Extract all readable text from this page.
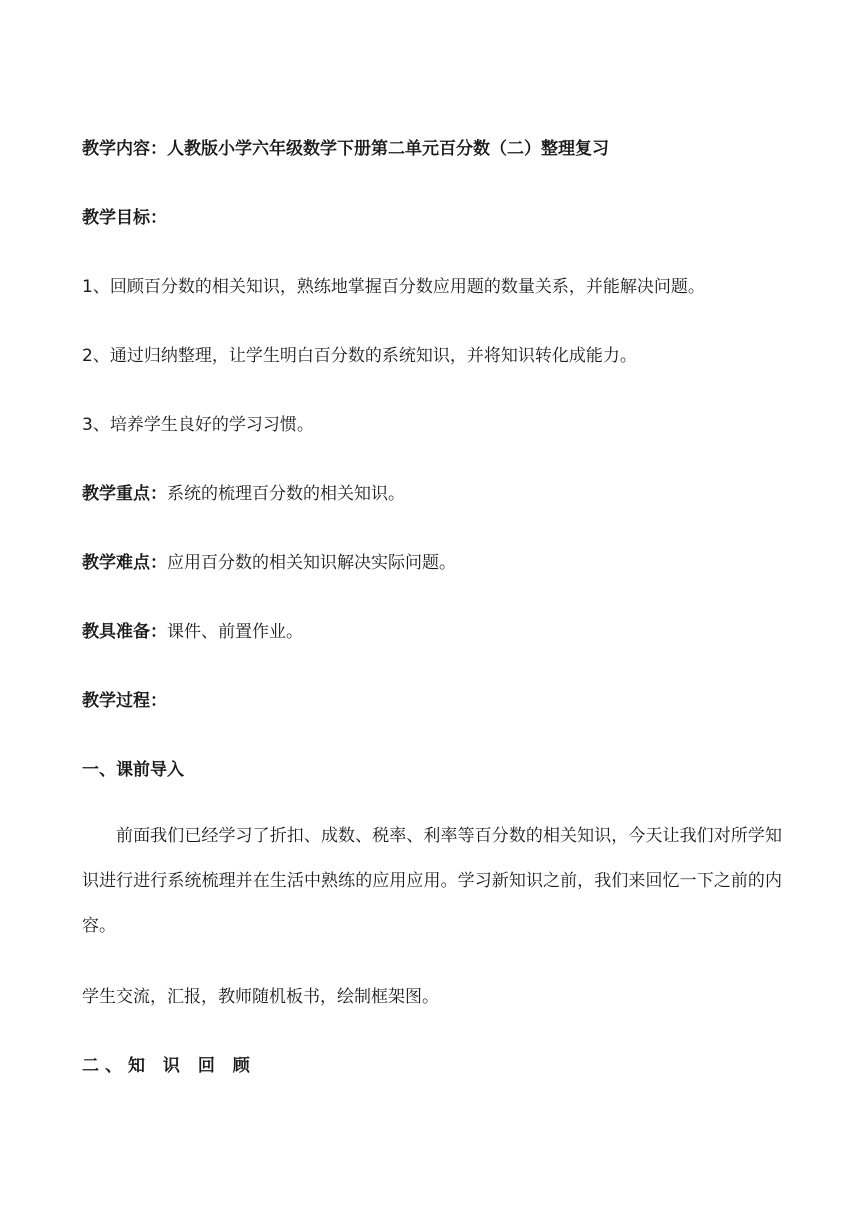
教学内容：人教版小学六年级数学下册第二单元百分数（二）整理复习
教学目标：
1、回顾百分数的相关知识，熟练地掌握百分数应用题的数量关系，并能解决问题。
2、通过归纳整理，让学生明白百分数的系统知识，并将知识转化成能力。
3、培养学生良好的学习习惯。
教学重点：系统的梳理百分数的相关知识。
教学难点：应用百分数的相关知识解决实际问题。
教具准备：课件、前置作业。
教学过程：
一、课前导入
前面我们已经学习了折扣、成数、税率、利率等百分数的相关知识，今天让我们对所学知识进行进行系统梳理并在生活中熟练的应用应用。学习新知识之前，我们来回忆一下之前的内容。
学生交流，汇报，教师随机板书，绘制框架图。
二、知 识 回 顾
